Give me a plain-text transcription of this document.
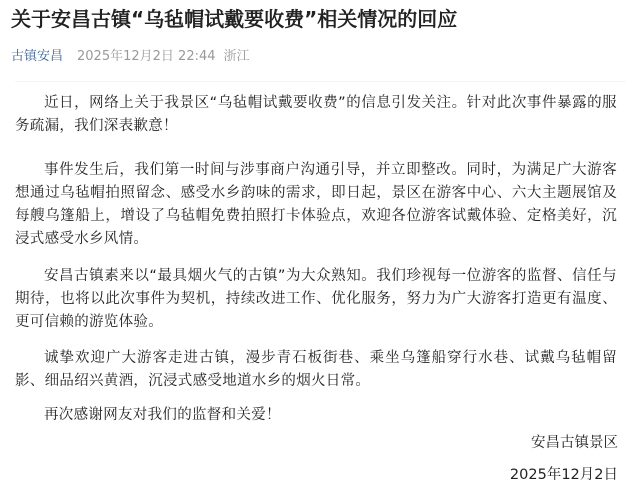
关于安昌古镇“乌毡帽试戴要收费”相关情况的回应
古镇安昌 2025年12月2日 22:44 浙江

近日，网络上关于我景区“乌毡帽试戴要收费”的信息引发关注。针对此次事件暴露的服务疏漏，我们深表歉意！

事件发生后，我们第一时间与涉事商户沟通引导，并立即整改。同时，为满足广大游客想通过乌毡帽拍照留念、感受水乡韵味的需求，即日起，景区在游客中心、六大主题展馆及每艘乌篷船上，增设了乌毡帽免费拍照打卡体验点，欢迎各位游客试戴体验、定格美好，沉浸式感受水乡风情。

安昌古镇素来以“最具烟火气的古镇”为大众熟知。我们珍视每一位游客的监督、信任与期待，也将以此次事件为契机，持续改进工作、优化服务，努力为广大游客打造更有温度、更可信赖的游览体验。

诚挚欢迎广大游客走进古镇，漫步青石板街巷、乘坐乌篷船穿行水巷、试戴乌毡帽留影、细品绍兴黄酒，沉浸式感受地道水乡的烟火日常。

再次感谢网友对我们的监督和关爱！

安昌古镇景区
2025年12月2日
